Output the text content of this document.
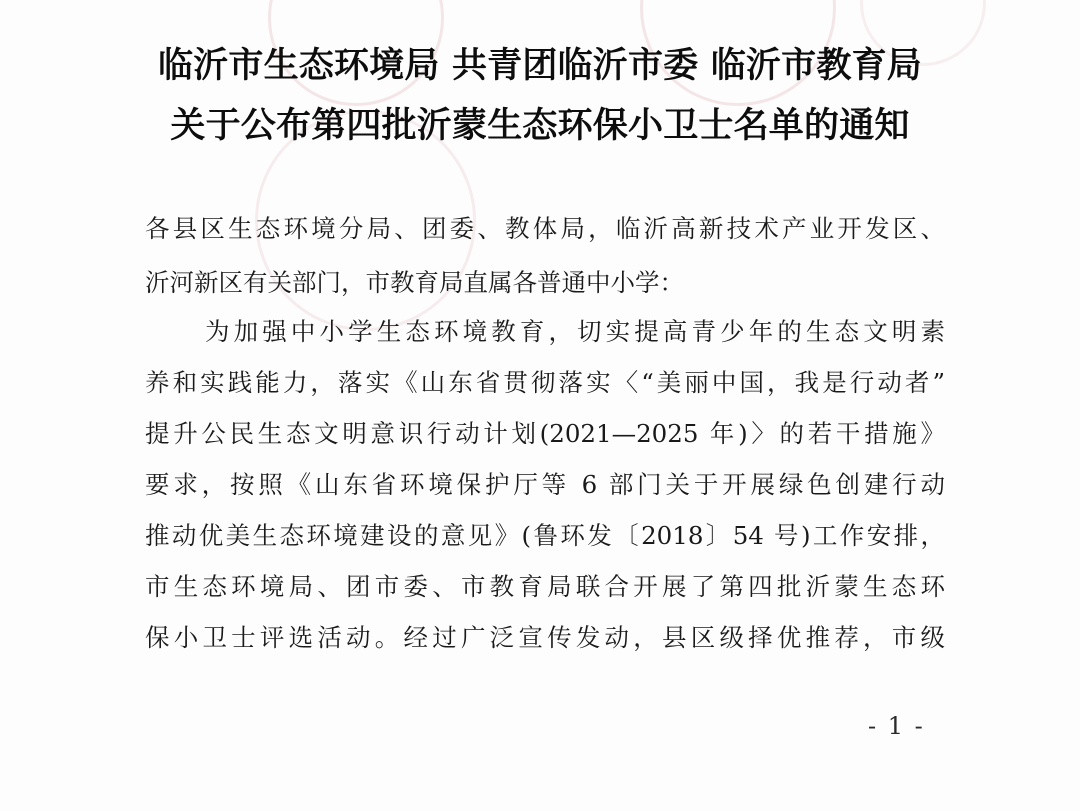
临沂市生态环境局 共青团临沂市委 临沂市教育局
关于公布第四批沂蒙生态环保小卫士名单的通知

各县区生态环境分局、团委、教体局，临沂高新技术产业开发区、

沂河新区有关部门，市教育局直属各普通中小学：

为加强中小学生态环境教育，切实提高青少年的生态文明素

养和实践能力，落实《山东省贯彻落实〈“美丽中国，我是行动者”

提升公民生态文明意识行动计划(2021—2025 年)〉的若干措施》

要求，按照《山东省环境保护厅等 6 部门关于开展绿色创建行动

推动优美生态环境建设的意见》(鲁环发〔2018〕54 号)工作安排，

市生态环境局、团市委、市教育局联合开展了第四批沂蒙生态环

保小卫士评选活动。经过广泛宣传发动，县区级择优推荐，市级

- 1 -
